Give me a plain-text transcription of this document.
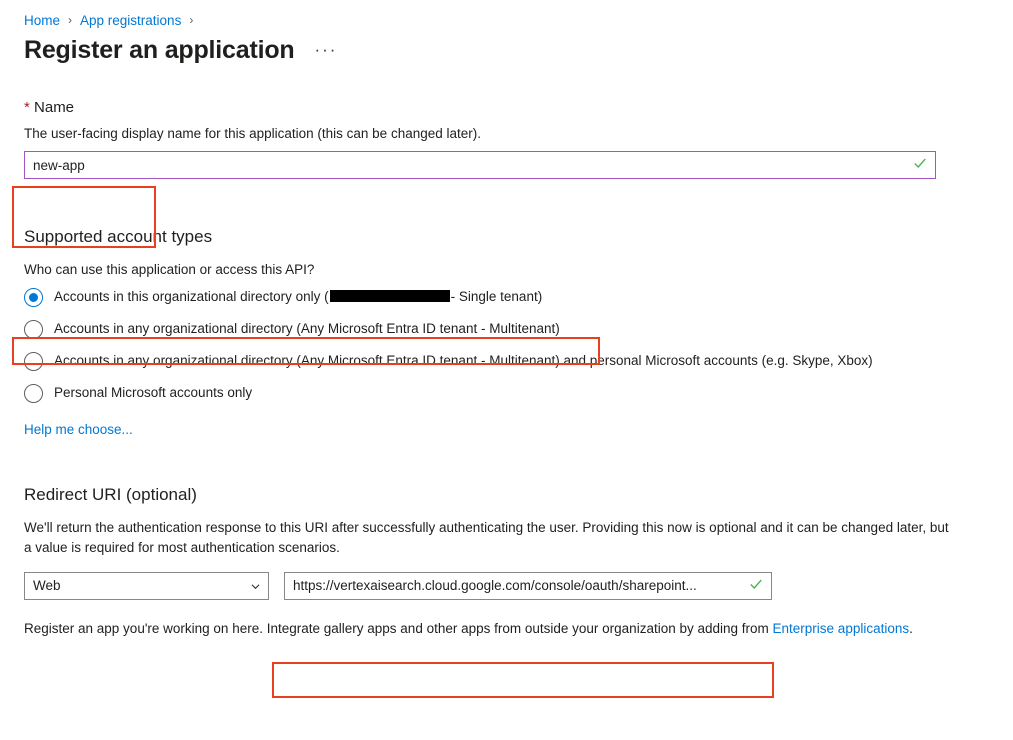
Home › App registrations ›
Register an application ···
* Name
The user-facing display name for this application (this can be changed later).
new-app
Supported account types
Who can use this application or access this API?
Accounts in this organizational directory only (	- Single tenant)
Accounts in any organizational directory (Any Microsoft Entra ID tenant - Multitenant)
Accounts in any organizational directory (Any Microsoft Entra ID tenant - Multitenant) and personal Microsoft accounts (e.g. Skype, Xbox)
Personal Microsoft accounts only
Help me choose...
Redirect URI (optional)
We'll return the authentication response to this URI after successfully authenticating the user. Providing this now is optional and it can be changed later, but a value is required for most authentication scenarios.
Web
https://vertexaisearch.cloud.google.com/console/oauth/sharepoint...
Register an app you're working on here. Integrate gallery apps and other apps from outside your organization by adding from Enterprise applications.
